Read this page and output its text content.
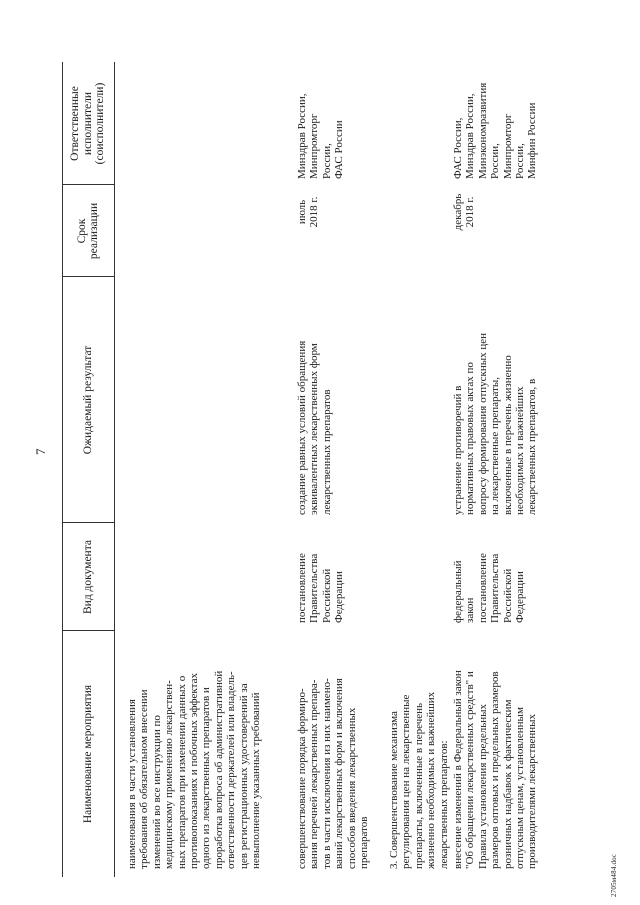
7
Наименование мероприятия
Вид документа
Ожидаемый результат
Срок
реализации
Ответственные
исполнители
(соисполнители)
наименования в части установления
требования об обязательном внесении
изменений во все инструкции по
медицинскому применению лекарствен-
ных препаратов при изменении данных о
противопоказаниях и побочных эффектах
одного из лекарственных препаратов и
проработка вопроса об административной
ответственности держателей или владель-
цев регистрационных удостоверений за
невыполнение указанных требований
совершенствование порядка формиро-
вания перечней лекарственных препара-
тов в части исключения из них наимено-
ваний лекарственных форм и включения
способов введения лекарственных
препаратов
постановление
Правительства
Российской
Федерации
создание равных условий обращения
эквивалентных лекарственных форм
лекарственных препаратов
июль
2018 г.
Минздрав России,
Минпромторг
России,
ФАС России
3. Совершенствование механизма
регулирования цен на лекарственные
препараты, включенные в перечень
жизненно необходимых и важнейших
лекарственных препаратов:
внесение изменений в Федеральный закон
"Об обращении лекарственных средств" и
Правила установления предельных
размеров оптовых и предельных размеров
розничных надбавок к фактическим
отпускным ценам, установленным
производителями лекарственных
федеральный
закон
постановление
Правительства
Российской
Федерации
устранение противоречий в
нормативных правовых актах по
вопросу формирования отпускных цен
на лекарственные препараты,
включенные в перечень жизненно
необходимых и важнейших
лекарственных препаратов, в
декабрь
2018 г.
ФАС России,
Минздрав России,
Минэкономразвития
России,
Минпромторг
России,
Минфин России
2705м484.doc
